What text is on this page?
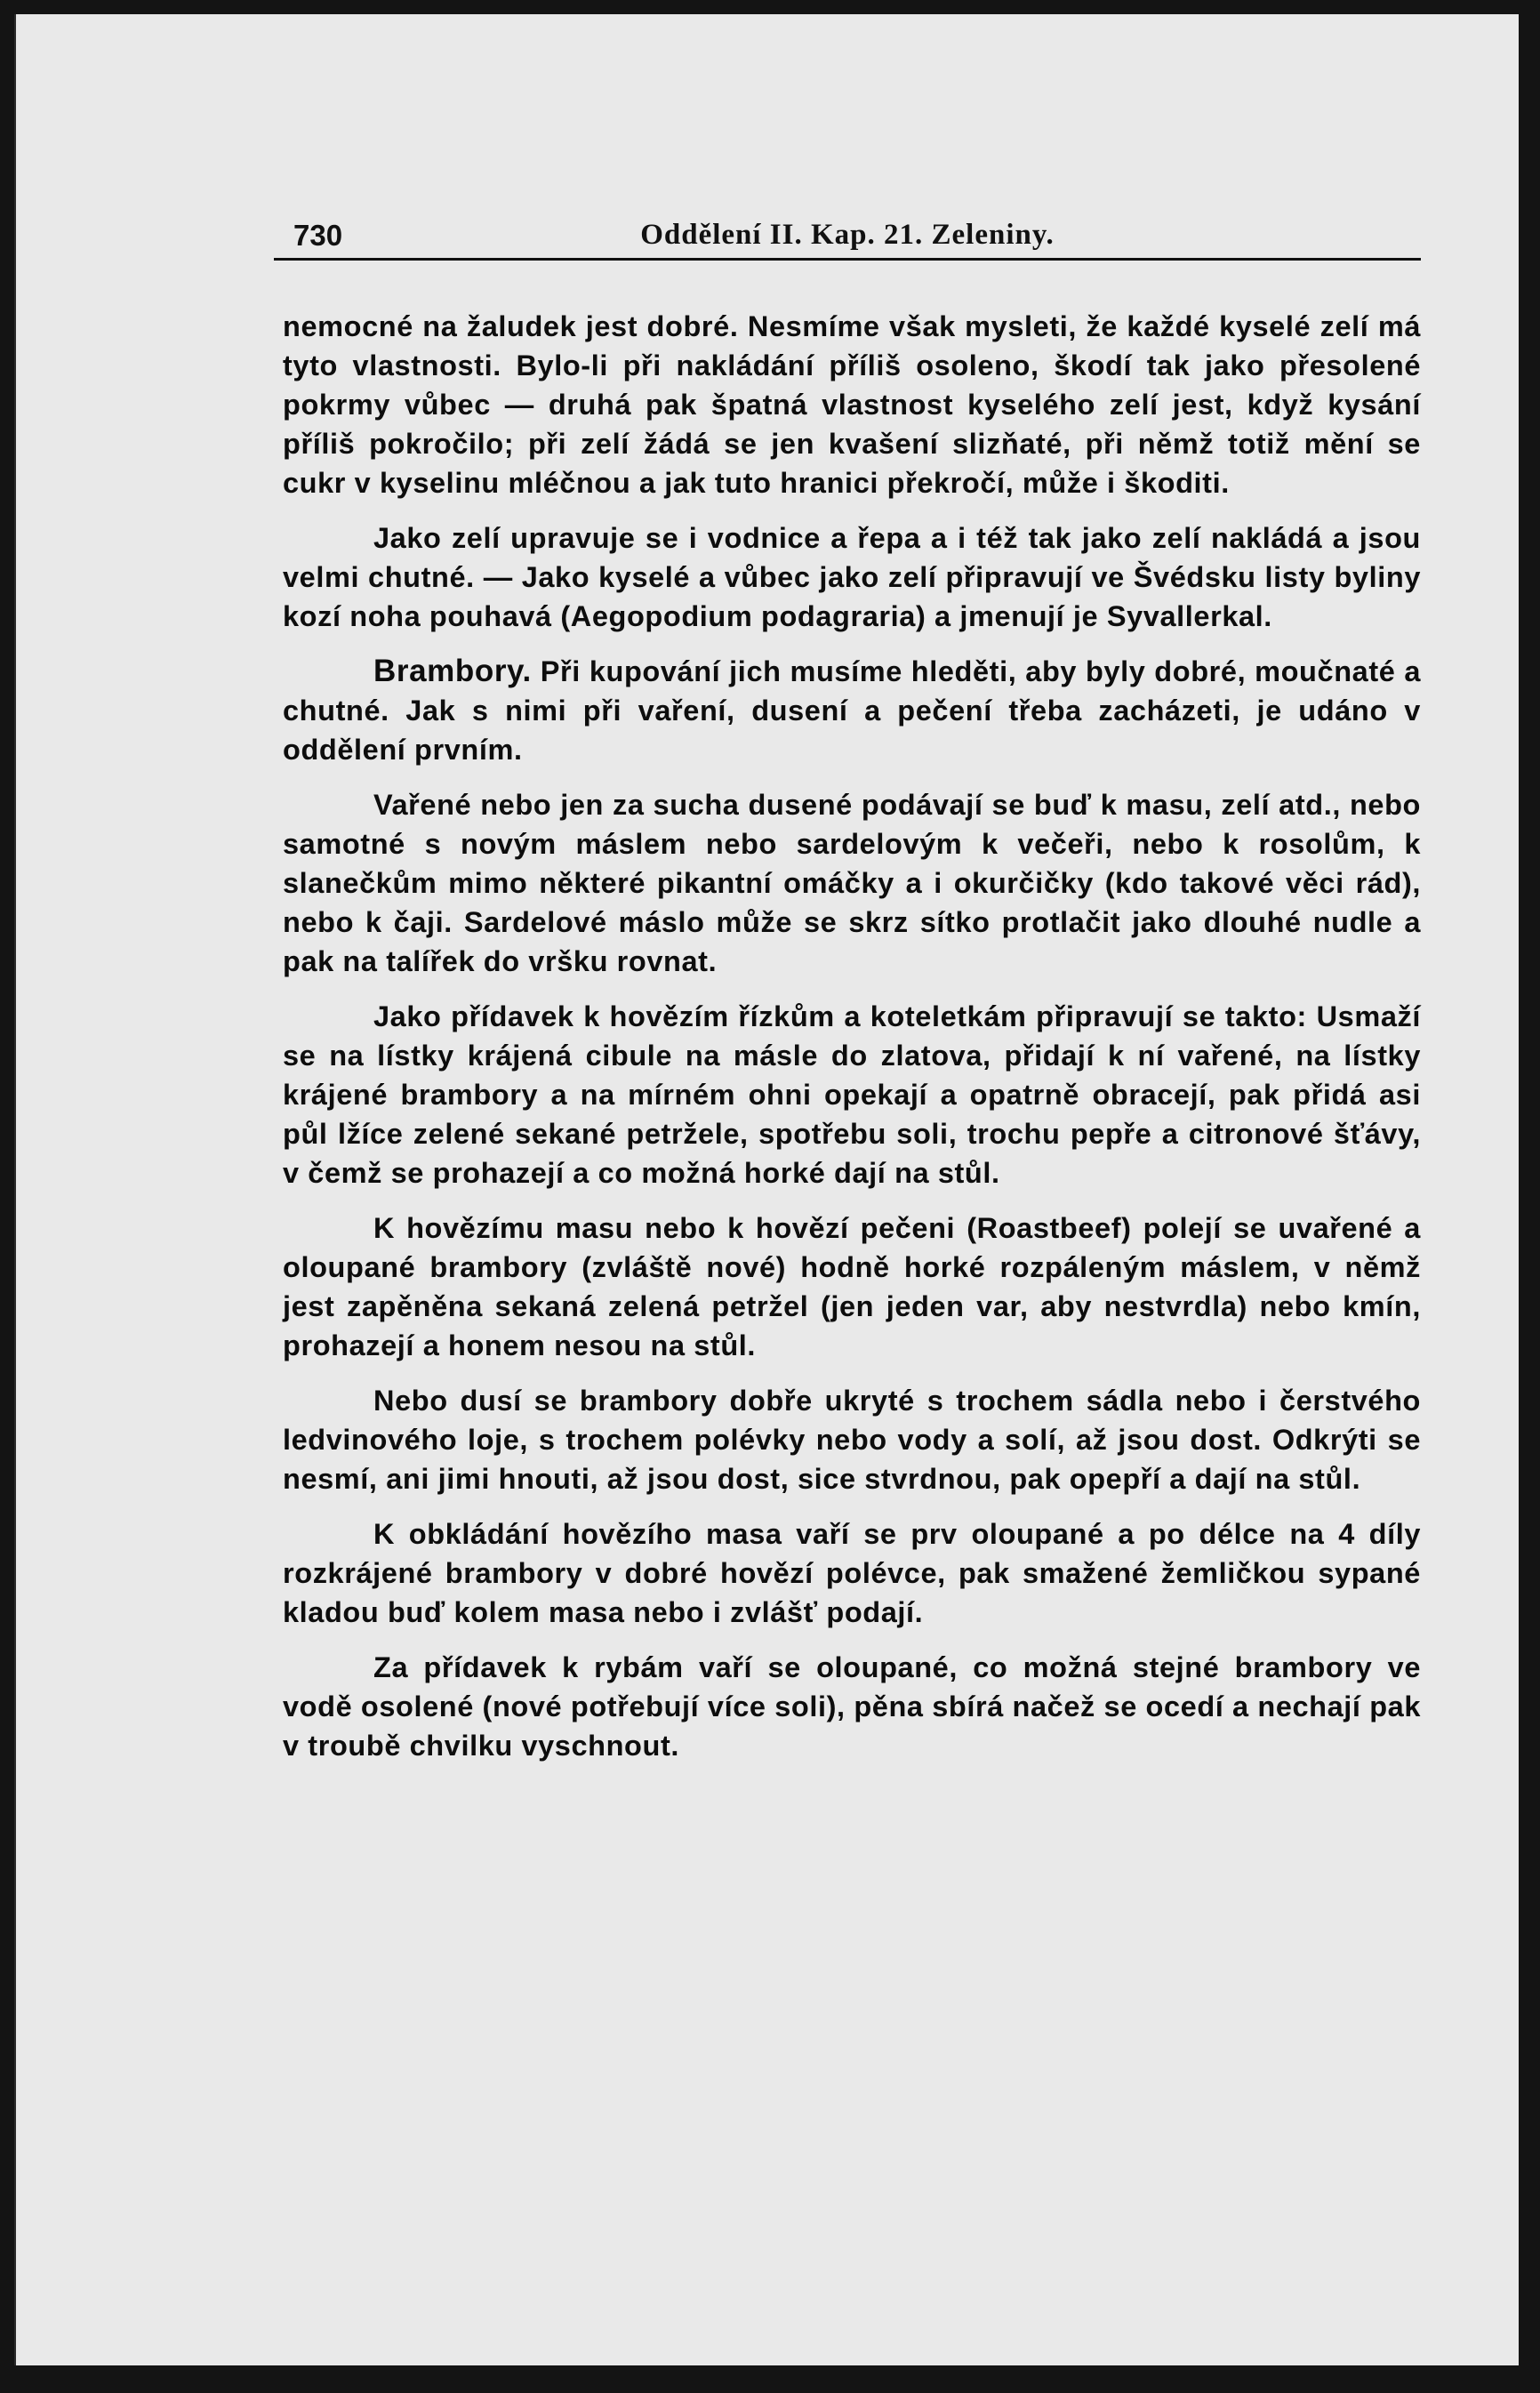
730	Oddělení II. Kap. 21. Zeleniny.

nemocné na žaludek jest dobré. Nesmíme však mysleti, že každé kyselé zelí má tyto vlastnosti. Bylo-li při nakládání příliš osoleno, škodí tak jako přesolené pokrmy vůbec — druhá pak špatná vlastnost kyselého zelí jest, když kysání příliš pokročilo; při zelí žádá se jen kvašení slizňaté, při němž totiž mění se cukr v kyselinu mléčnou a jak tuto hranici překročí, může i škoditi.

Jako zelí upravuje se i vodnice a řepa a i též tak jako zelí nakládá a jsou velmi chutné. — Jako kyselé a vůbec jako zelí připravují ve Švédsku listy byliny kozí noha pouhavá (Aegopodium podagraria) a jmenují je Syvallerkal.

Brambory. Při kupování jich musíme hleděti, aby byly dobré, moučnaté a chutné. Jak s nimi při vaření, dusení a pečení třeba zacházeti, je udáno v oddělení prvním.

Vařené nebo jen za sucha dusené podávají se buď k masu, zelí atd., nebo samotné s novým máslem nebo sardelovým k večeři, nebo k rosolům, k slanečkům mimo některé pikantní omáčky a i okurčičky (kdo takové věci rád), nebo k čaji. Sardelové máslo může se skrz sítko protlačit jako dlouhé nudle a pak na talířek do vršku rovnat.

Jako přídavek k hovězím řízkům a koteletkám připravují se takto: Usmaží se na lístky krájená cibule na másle do zlatova, přidají k ní vařené, na lístky krájené brambory a na mírném ohni opekají a opatrně obracejí, pak přidá asi půl lžíce zelené sekané petržele, spotřebu soli, trochu pepře a citronové šťávy, v čemž se prohazejí a co možná horké dají na stůl.

K hovězímu masu nebo k hovězí pečeni (Roastbeef) polejí se uvařené a oloupané brambory (zvláště nové) hodně horké rozpáleným máslem, v němž jest zapěněna sekaná zelená petržel (jen jeden var, aby nestvrdla) nebo kmín, prohazejí a honem nesou na stůl.

Nebo dusí se brambory dobře ukryté s trochem sádla nebo i čerstvého ledvinového loje, s trochem polévky nebo vody a solí, až jsou dost. Odkrýti se nesmí, ani jimi hnouti, až jsou dost, sice stvrdnou, pak opepří a dají na stůl.

K obkládání hovězího masa vaří se prv oloupané a po délce na 4 díly rozkrájené brambory v dobré hovězí polévce, pak smažené žemličkou sypané kladou buď kolem masa nebo i zvlášť podají.

Za přídavek k rybám vaří se oloupané, co možná stejné brambory ve vodě osolené (nové potřebují více soli), pěna sbírá načež se ocedí a nechají pak v troubě chvilku vyschnout.
